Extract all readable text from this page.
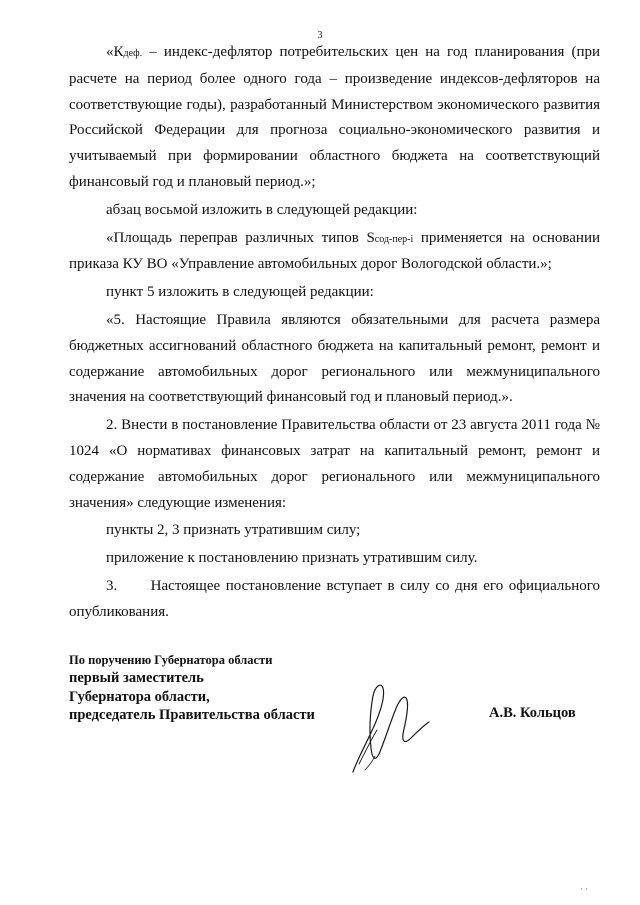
3

«Кдеф. – индекс-дефлятор потребительских цен на год планирования (при расчете на период более одного года – произведение индексов-дефляторов на соответствующие годы), разработанный Министерством экономического развития Российской Федерации для прогноза социально-экономического развития и учитываемый при формировании областного бюджета на соответствующий финансовый год и плановый период.»;

абзац восьмой изложить в следующей редакции:

«Площадь переправ различных типов Sсод-пер-i применяется на основании приказа КУ ВО «Управление автомобильных дорог Вологодской области.»;

пункт 5 изложить в следующей редакции:

«5. Настоящие Правила являются обязательными для расчета размера бюджетных ассигнований областного бюджета на капитальный ремонт, ремонт и содержание автомобильных дорог регионального или межмуниципального значения на соответствующий финансовый год и плановый период.».

2. Внести в постановление Правительства области от 23 августа 2011 года № 1024 «О нормативах финансовых затрат на капитальный ремонт, ремонт и содержание автомобильных дорог регионального или межмуниципального значения» следующие изменения:

пункты 2, 3 признать утратившим силу;

приложение к постановлению признать утратившим силу.

3.      Настоящее постановление вступает в силу со дня его официального опубликования.

По поручению Губернатора области
первый заместитель
Губернатора области,
председатель Правительства области	А.В. Кольцов
· ·
